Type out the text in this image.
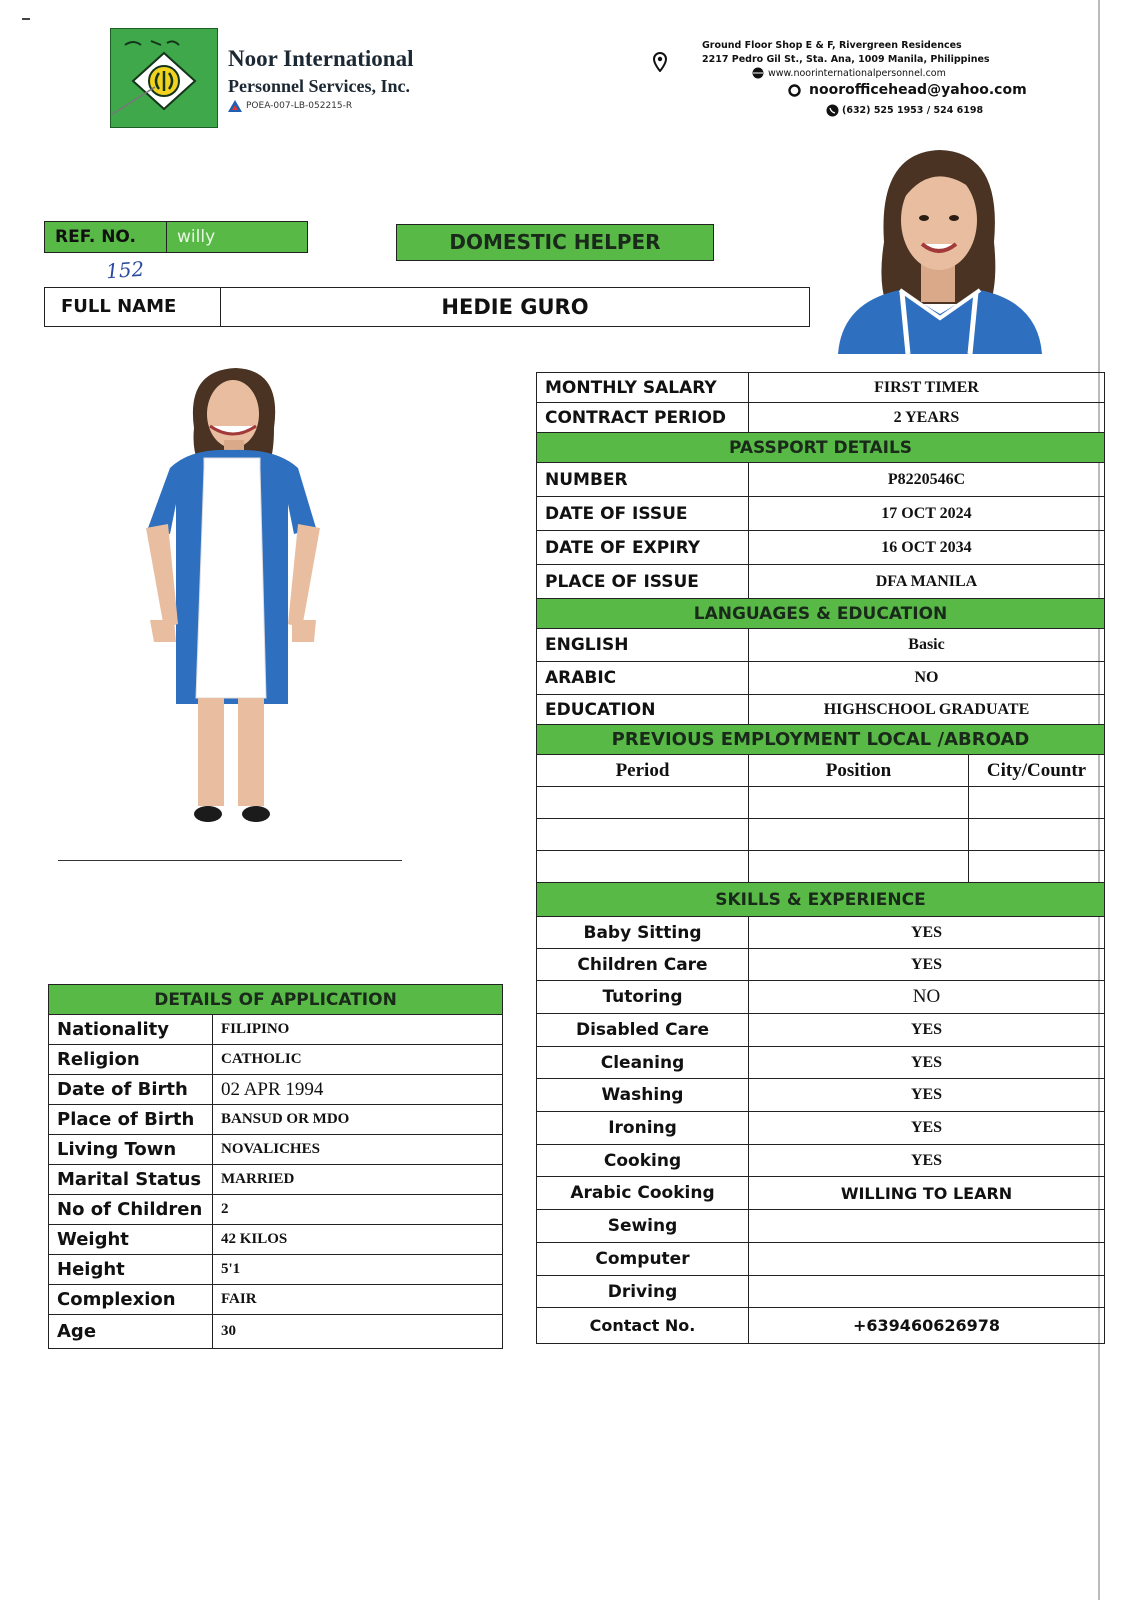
Noor International
Personnel Services, Inc.
POEA-007-LB-052215-R
Ground Floor Shop E & F, Rivergreen Residences
2217 Pedro Gil St., Sta. Ana, 1009 Manila, Philippines
www.noorinternationalpersonnel.com
noorofficehead@yahoo.com
(632) 525 1953 / 524 6198
REF. NO.	willy
152
DOMESTIC HELPER
FULL NAME	HEDIE GURO
MONTHLY SALARY	FIRST TIMER	
CONTRACT PERIOD	2 YEARS	
PASSPORT DETAILS		
NUMBER	P8220546C	
DATE OF ISSUE	17 OCT 2024	
DATE OF EXPIRY	16 OCT 2034	
PLACE OF ISSUE	DFA MANILA	
LANGUAGES & EDUCATION		
ENGLISH	Basic	
ARABIC	NO	
EDUCATION	HIGHSCHOOL GRADUATE	
PREVIOUS EMPLOYMENT LOCAL /ABROAD		
Period	Position	City/Countr

SKILLS & EXPERIENCE		
Baby Sitting	YES	
Children Care	YES	
Tutoring	NO	
Disabled Care	YES	
Cleaning	YES	
Washing	YES	
Ironing	YES	
Cooking	YES	
Arabic Cooking	WILLING TO LEARN	
Sewing		
Computer		
Driving		
Contact No.	+639460626978	
DETAILS OF APPLICATION	
Nationality	FILIPINO
Religion	CATHOLIC
Date of Birth	02 APR 1994
Place of Birth	BANSUD OR MDO
Living Town	NOVALICHES
Marital Status	MARRIED
No of Children	2
Weight	42 KILOS
Height	5'1
Complexion	FAIR
Age	30
